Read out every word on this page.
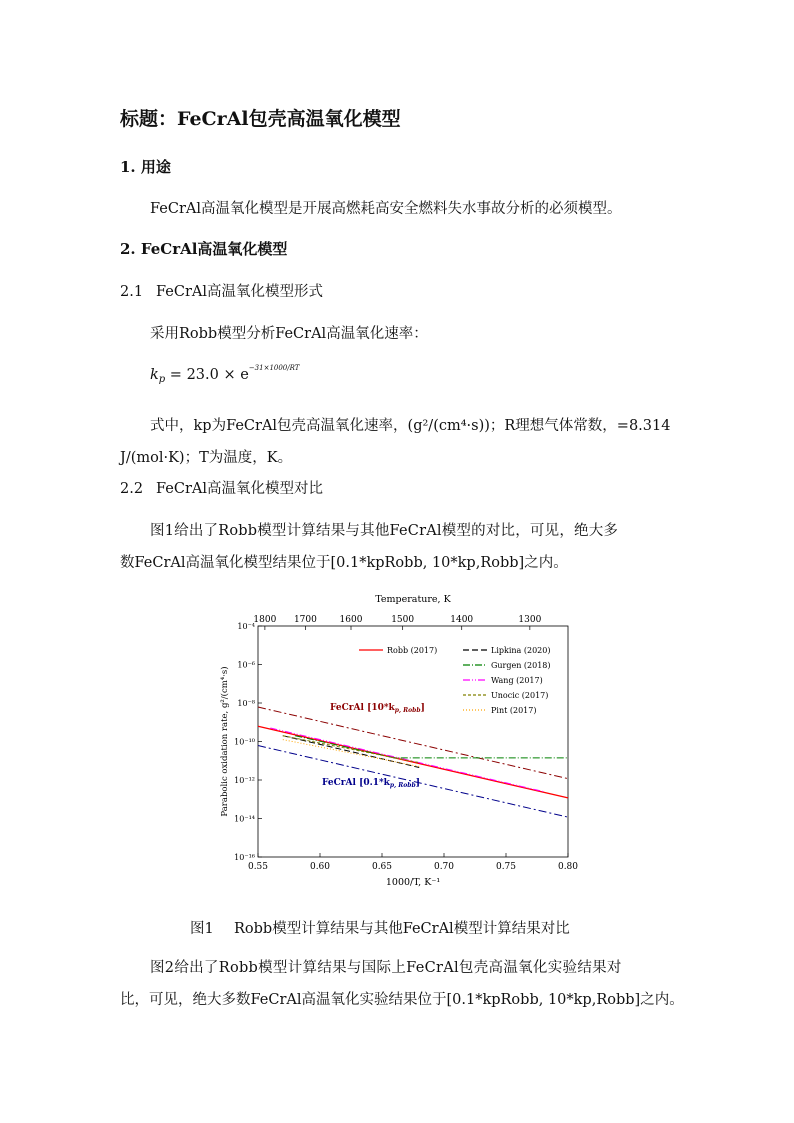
标题：FeCrAl包壳高温氧化模型
1. 用途
FeCrAl高温氧化模型是开展高燃耗高安全燃料失水事故分析的必须模型。
2. FeCrAl高温氧化模型
2.1 FeCrAl高温氧化模型形式
采用Robb模型分析FeCrAl高温氧化速率：
$k_p = 23.0 \times e^{-31\times 1000/RT}$
式中，kp为FeCrAl包壳高温氧化速率，(g²/(cm⁴·s))；R理想气体常数，=8.314
J/(mol·K)；T为温度，K。
2.2 FeCrAl高温氧化模型对比
图1给出了Robb模型计算结果与其他FeCrAl模型的对比，可见，绝大多
数FeCrAl高温氧化模型结果位于[0.1*kpRobb, 10*kp,Robb]之内。
0.55	0.60	0.65	0.70	0.75	0.80
10⁻¹⁶
10⁻¹⁴
10⁻¹²
10⁻¹⁰
10⁻⁸
10⁻⁶
10⁻⁴
1800 1700	1600	1500	1400	1300
Temperature, K
1000/T, K⁻¹
Parabolic oxidation rate, g²/(cm⁴·s)	FeCrAl $[10*k_{p, Robb}]$
FeCrAl $[0.1*k_{p, Robb}]$
Robb (2017)	Lipkina (2020)
Gurgen (2018)
Wang (2017)
Unocic (2017)
Pint (2017)
图1 Robb模型计算结果与其他FeCrAl模型计算结果对比
图2给出了Robb模型计算结果与国际上FeCrAl包壳高温氧化实验结果对
比，可见，绝大多数FeCrAl高温氧化实验结果位于[0.1*kpRobb, 10*kp,Robb]之内。
